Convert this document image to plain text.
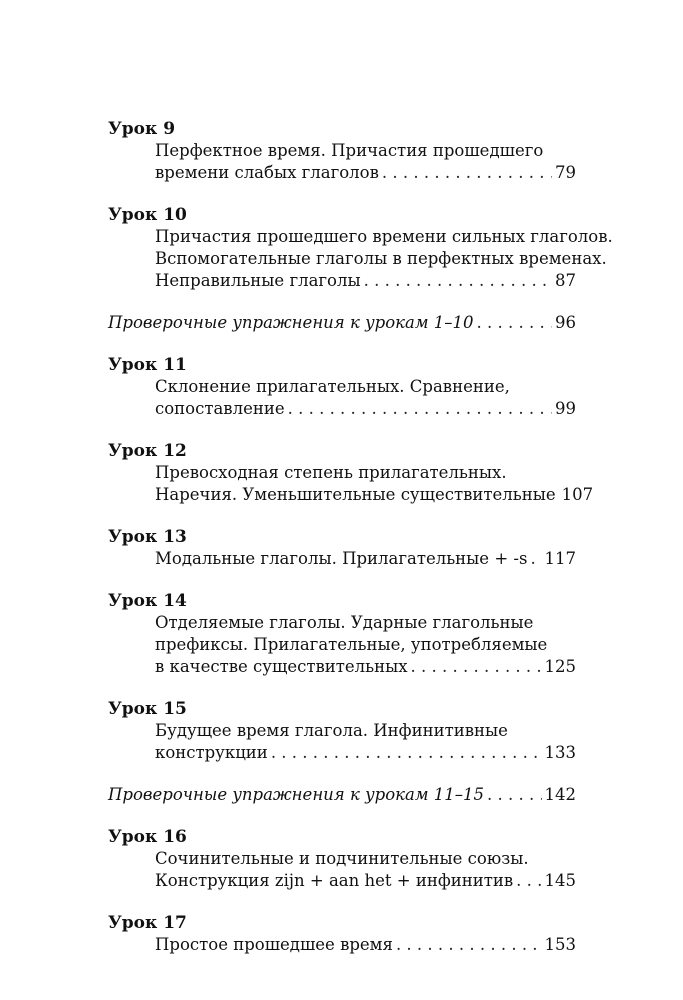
Урок 9
Перфектное время. Причастия прошедшего
времени слабых глаголов . . .	79
Урок 10
Причастия прошедшего времени сильных глаголов.
Вспомогательные глаголы в перфектных временах.
Неправильные глаголы . . .	87
Проверочные упражнения к урокам 1–10 . . .	96
Урок 11
Склонение прилагательных. Сравнение,
сопоставление . . .	99
Урок 12
Превосходная степень прилагательных.
Наречия. Уменьшительные существительные 107
Урок 13
Модальные глаголы. Прилагательные + -s . . . 117
Урок 14
Отделяемые глаголы. Ударные глагольные
префиксы. Прилагательные, употребляемые
в качестве существительных . . .	125
Урок 15
Будущее время глагола. Инфинитивные
конструкции . . .	133
Проверочные упражнения к урокам 11–15 . . .	142
Урок 16
Сочинительные и подчинительные союзы.
Конструкция zijn + aan het + инфинитив . . . 145
Урок 17
Простое прошедшее время . . .	153
